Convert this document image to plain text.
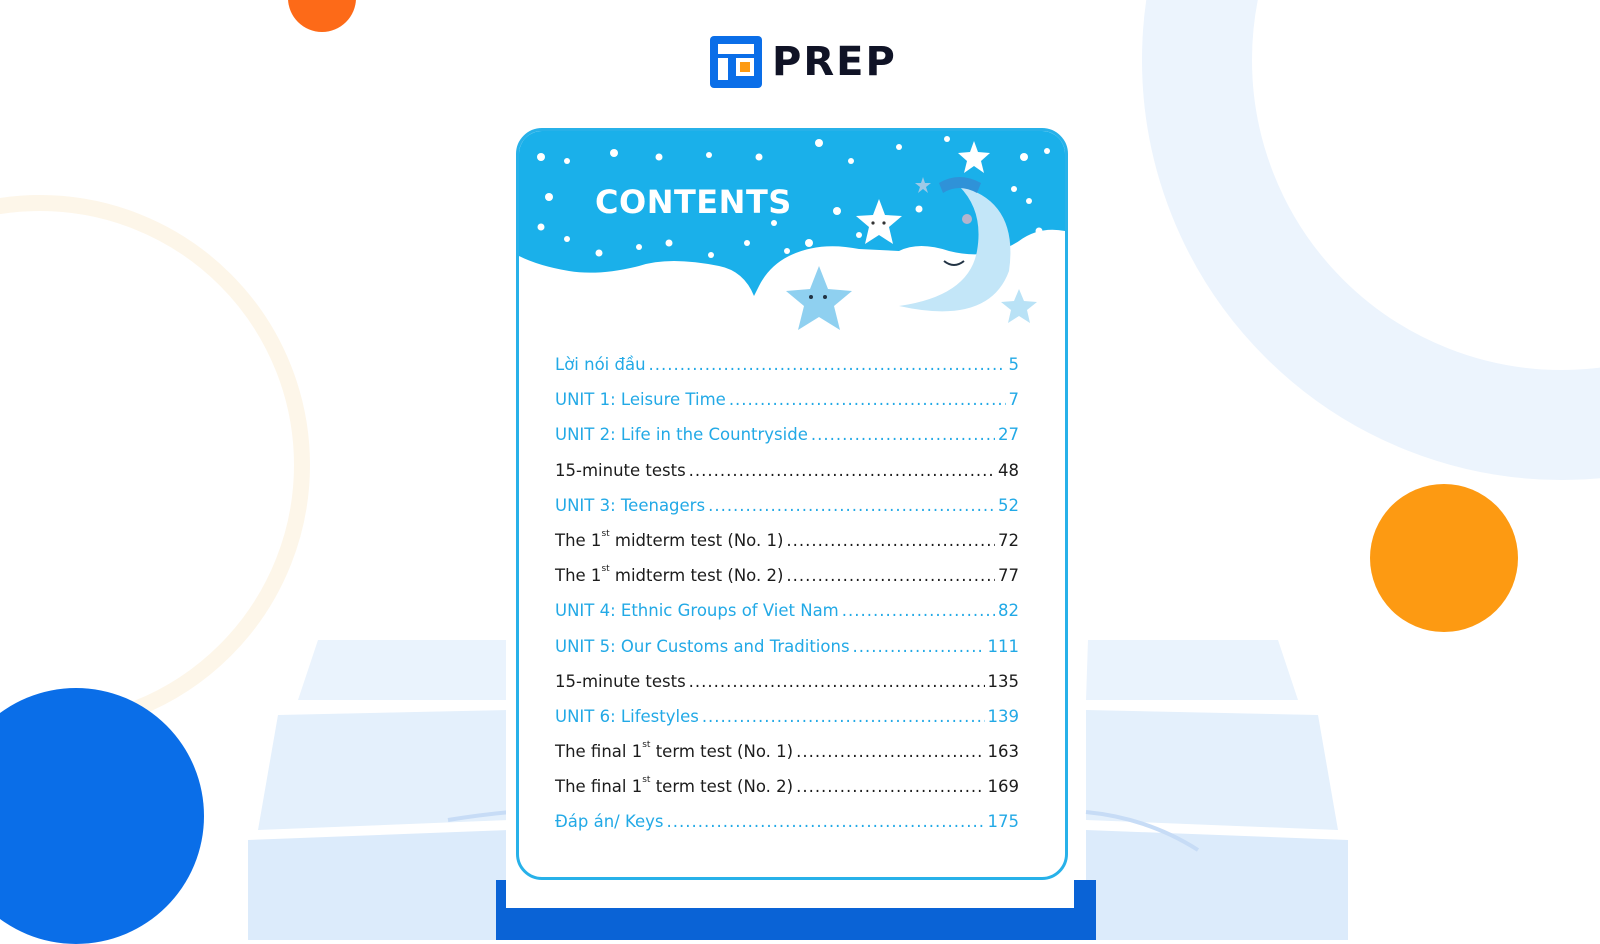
PREP
CONTENTS
Lời nói đầu .....	5
UNIT 1: Leisure Time .....	7
UNIT 2: Life in the Countryside .....	27
15-minute tests .....	48
UNIT 3: Teenagers .....	52
The 1st midterm test (No. 1) .....	72
The 1st midterm test (No. 2) .....	77
UNIT 4: Ethnic Groups of Viet Nam .....	82
UNIT 5: Our Customs and Traditions .....	111
15-minute tests .....	135
UNIT 6: Lifestyles .....	139
The final 1st term test (No. 1) .....	163
The final 1st term test (No. 2) .....	169
Đáp án/ Keys .....	175
